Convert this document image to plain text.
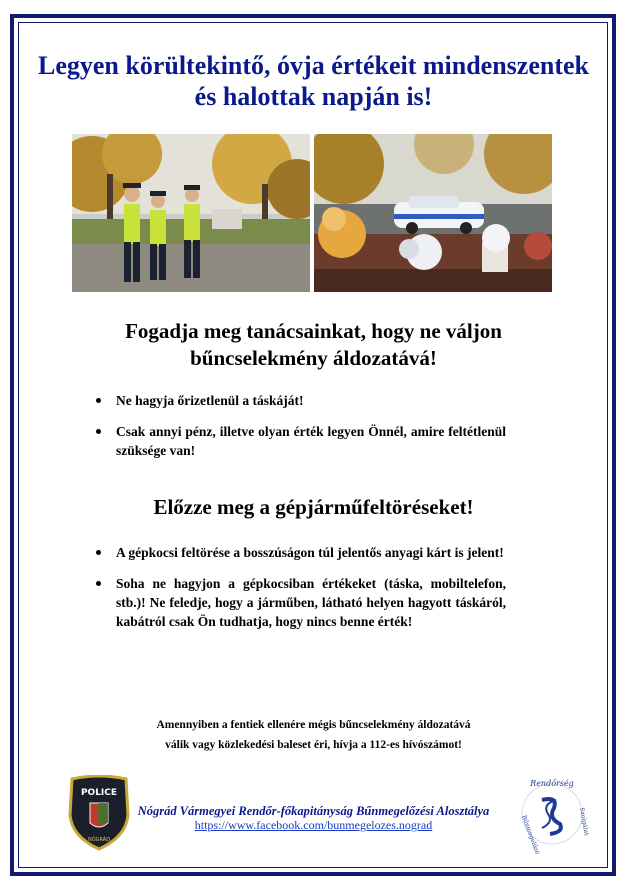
Legyen körültekintő, óvja értékeit mindenszentek és halottak napján is!
Fogadja meg tanácsainkat, hogy ne váljon bűncselekmény áldozatává!
Ne hagyja őrizetlenül a táskáját!
Csak annyi pénz, illetve olyan érték legyen Önnél, amire feltétlenül szüksége van!
Előzze meg a gépjárműfeltöréseket!
A gépkocsi feltörése a bosszúságon túl jelentős anyagi kárt is jelent!
Soha ne hagyjon a gépkocsiban értékeket (táska, mobiltelefon, stb.)! Ne feledje, hogy a járműben, látható helyen hagyott táskáról, kabátról csak Ön tudhatja, hogy nincs benne érték!

Amennyiben a fentiek ellenére mégis bűncselekmény áldozatává válik vagy közlekedési baleset éri, hívja a 112-es hívószámot!

POLICE
NÓGRÁD
Nógrád Vármegyei Rendőr-főkapitányság Bűnmegelőzési Alosztálya
https://www.facebook.com/bunmegelozes.nograd
Rendőrség
Bűnmegelőzési	Szolgálat
